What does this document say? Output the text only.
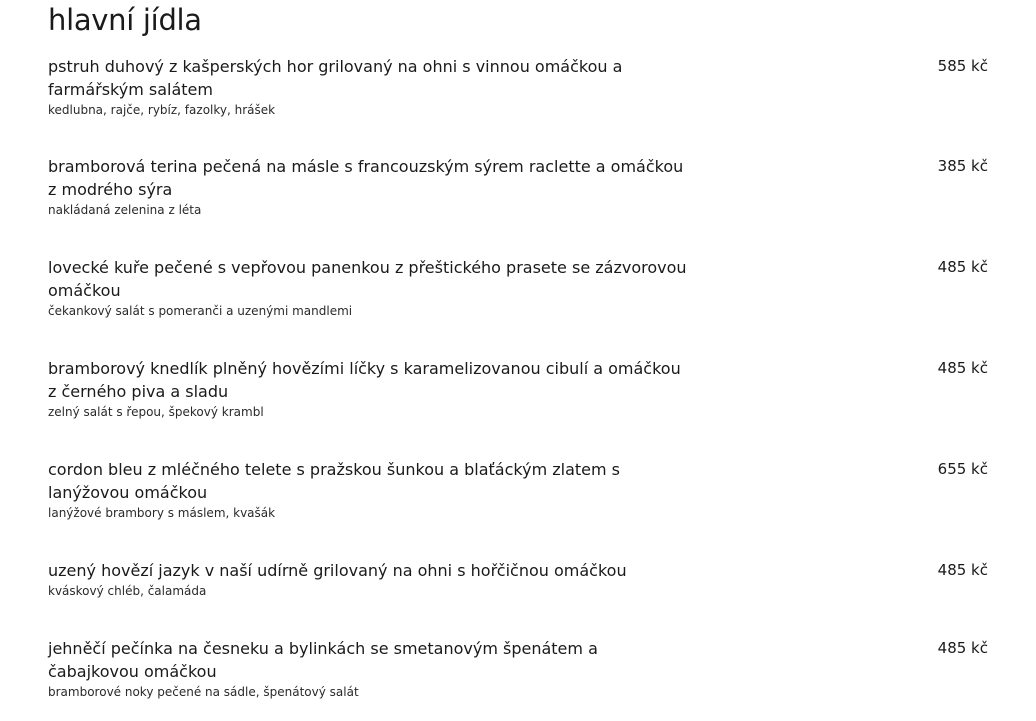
hlavní jídla
pstruh duhový z kašperských hor grilovaný na ohni s vinnou omáčkou a farmářským salátem
kedlubna, rajče, rybíz, fazolky, hrášek
585 kč
bramborová terina pečená na másle s francouzským sýrem raclette a omáčkou z modrého sýra
nakládaná zelenina z léta
385 kč
lovecké kuře pečené s vepřovou panenkou z přeštického prasete se zázvorovou omáčkou
čekankový salát s pomeranči a uzenými mandlemi
485 kč
bramborový knedlík plněný hovězími líčky s karamelizovanou cibulí a omáčkou z černého piva a sladu
zelný salát s řepou, špekový krambl
485 kč
cordon bleu z mléčného telete s pražskou šunkou a blaťáckým zlatem s lanýžovou omáčkou
lanýžové brambory s máslem, kvašák
655 kč
uzený hovězí jazyk v naší udírně grilovaný na ohni s hořčičnou omáčkou
kváskový chléb, čalamáda
485 kč
jehněčí pečínka na česneku a bylinkách se smetanovým špenátem a čabajkovou omáčkou
bramborové noky pečené na sádle, špenátový salát
485 kč
